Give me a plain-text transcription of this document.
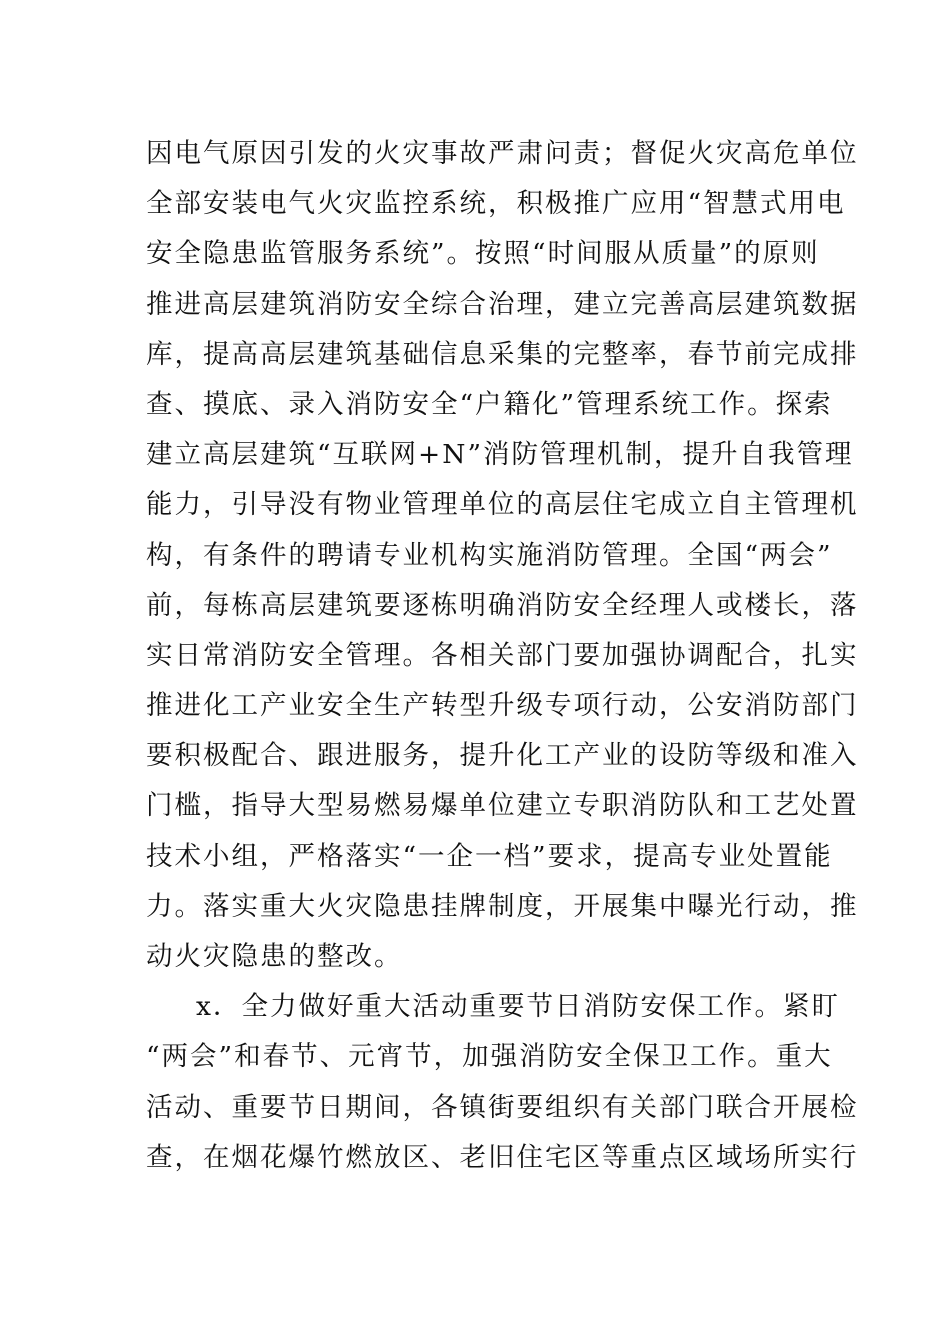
因电气原因引发的火灾事故严肃问责；督促火灾高危单位
全部安装电气火灾监控系统，积极推广应用“智慧式用电
安全隐患监管服务系统”。按照“时间服从质量”的原则
推进高层建筑消防安全综合治理，建立完善高层建筑数据
库，提高高层建筑基础信息采集的完整率，春节前完成排
查、摸底、录入消防安全“户籍化”管理系统工作。探索
建立高层建筑“互联网+N”消防管理机制，提升自我管理
能力，引导没有物业管理单位的高层住宅成立自主管理机
构，有条件的聘请专业机构实施消防管理。全国“两会”
前，每栋高层建筑要逐栋明确消防安全经理人或楼长，落
实日常消防安全管理。各相关部门要加强协调配合，扎实
推进化工产业安全生产转型升级专项行动，公安消防部门
要积极配合、跟进服务，提升化工产业的设防等级和准入
门槛，指导大型易燃易爆单位建立专职消防队和工艺处置
技术小组，严格落实“一企一档”要求，提高专业处置能
力。落实重大火灾隐患挂牌制度，开展集中曝光行动，推
动火灾隐患的整改。
x．全力做好重大活动重要节日消防安保工作。紧盯
“两会”和春节、元宵节，加强消防安全保卫工作。重大
活动、重要节日期间，各镇街要组织有关部门联合开展检
查，在烟花爆竹燃放区、老旧住宅区等重点区域场所实行
